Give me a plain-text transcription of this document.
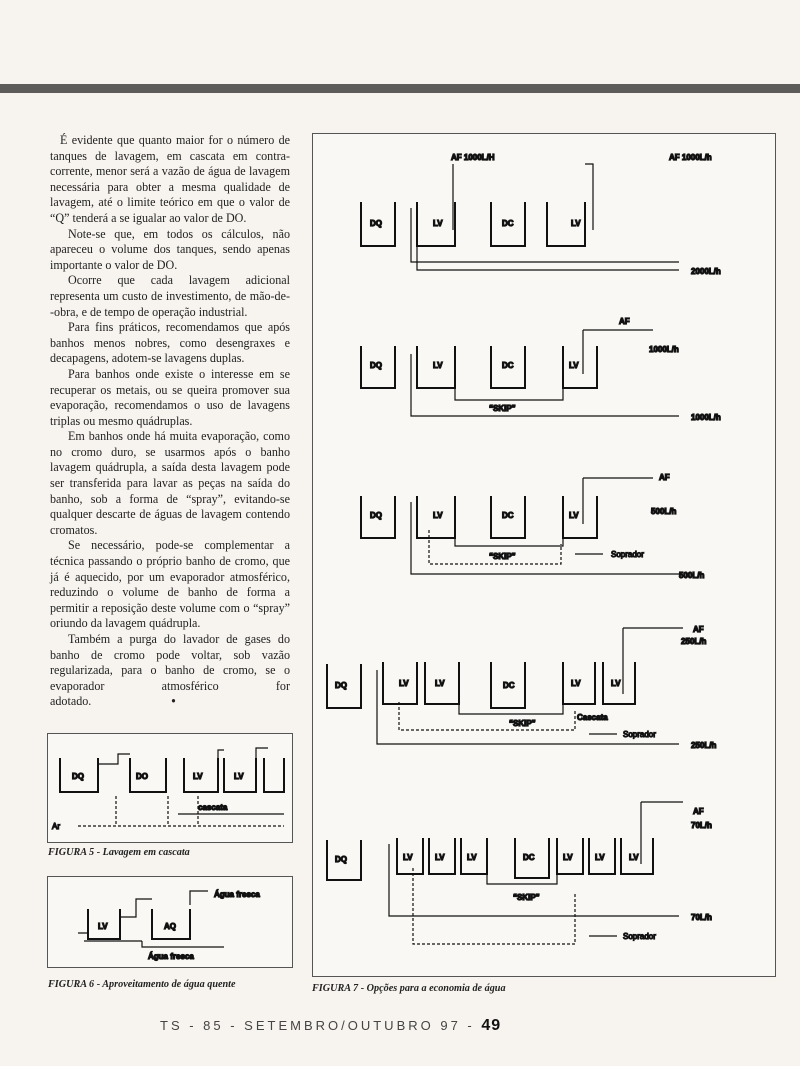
É evidente que quanto maior for o número de tanques de lavagem, em cascata em contra-corrente, menor será a vazão de água de lavagem necessária para obter a mesma qualidade de lavagem, até o limite teórico em que o valor de “Q” tenderá a se igualar ao valor de DO.

Note-se que, em todos os cálculos, não apareceu o volume dos tanques, sendo apenas importante o valor de DO.

Ocorre que cada lavagem adicional representa um custo de investimento, de mão-de--obra, e de tempo de operação industrial.

Para fins práticos, recomendamos que após banhos menos nobres, como desengraxes e decapagens, adotem-se lavagens duplas.

Para banhos onde existe o interesse em se recuperar os metais, ou se queira promover sua evaporação, recomendamos o uso de lavagens triplas ou mesmo quádruplas.

Em banhos onde há muita evaporação, como no cromo duro, se usarmos após o banho lavagem quádrupla, a saída desta lavagem pode ser transferida para lavar as peças na saída do banho, sob a forma de “spray”, evitando-se qualquer descarte de águas de lavagem contendo cromatos.

Se necessário, pode-se complementar a técnica passando o próprio banho de cromo, que já é aquecido, por um evaporador atmosférico, reduzindo o volume de banho de forma a permitir a reposição deste volume com o “spray” oriundo da lavagem quádrupla.

Também a purga do lavador de gases do banho de cromo pode voltar, sob vazão regularizada, para o banho de cromo, se o evaporador atmosférico for adotado.	•

DQ	DO	LV	LV
cascata
Ar
FIGURA 5 - Lavagem em cascata
LV	AQ
Água fresca
Água fresca
FIGURA 6 - Aproveitamento de água quente
DQ	LV	DC	LV
AF 1000L/H	AF 1000L/h
2000L/h
DQ	LV	DC	LV
AF
1000L/h
“SKIP”
1000L/h
DQ	LV	DC	LV
AF
500L/h
“SKIP”	Soprador
500L/h
DQ	LV	LV	DC	LV	LV
AF
250L/h
“SKIP”
Cascata
Soprador
250L/h
DQ	LV	LV	LV	DC	LV	LV	LV
AF
70L/h
“SKIP”
Soprador
70L/h
FIGURA 7 - Opções para a economia de água
TS - 85 - SETEMBRO/OUTUBRO 97 - 49
